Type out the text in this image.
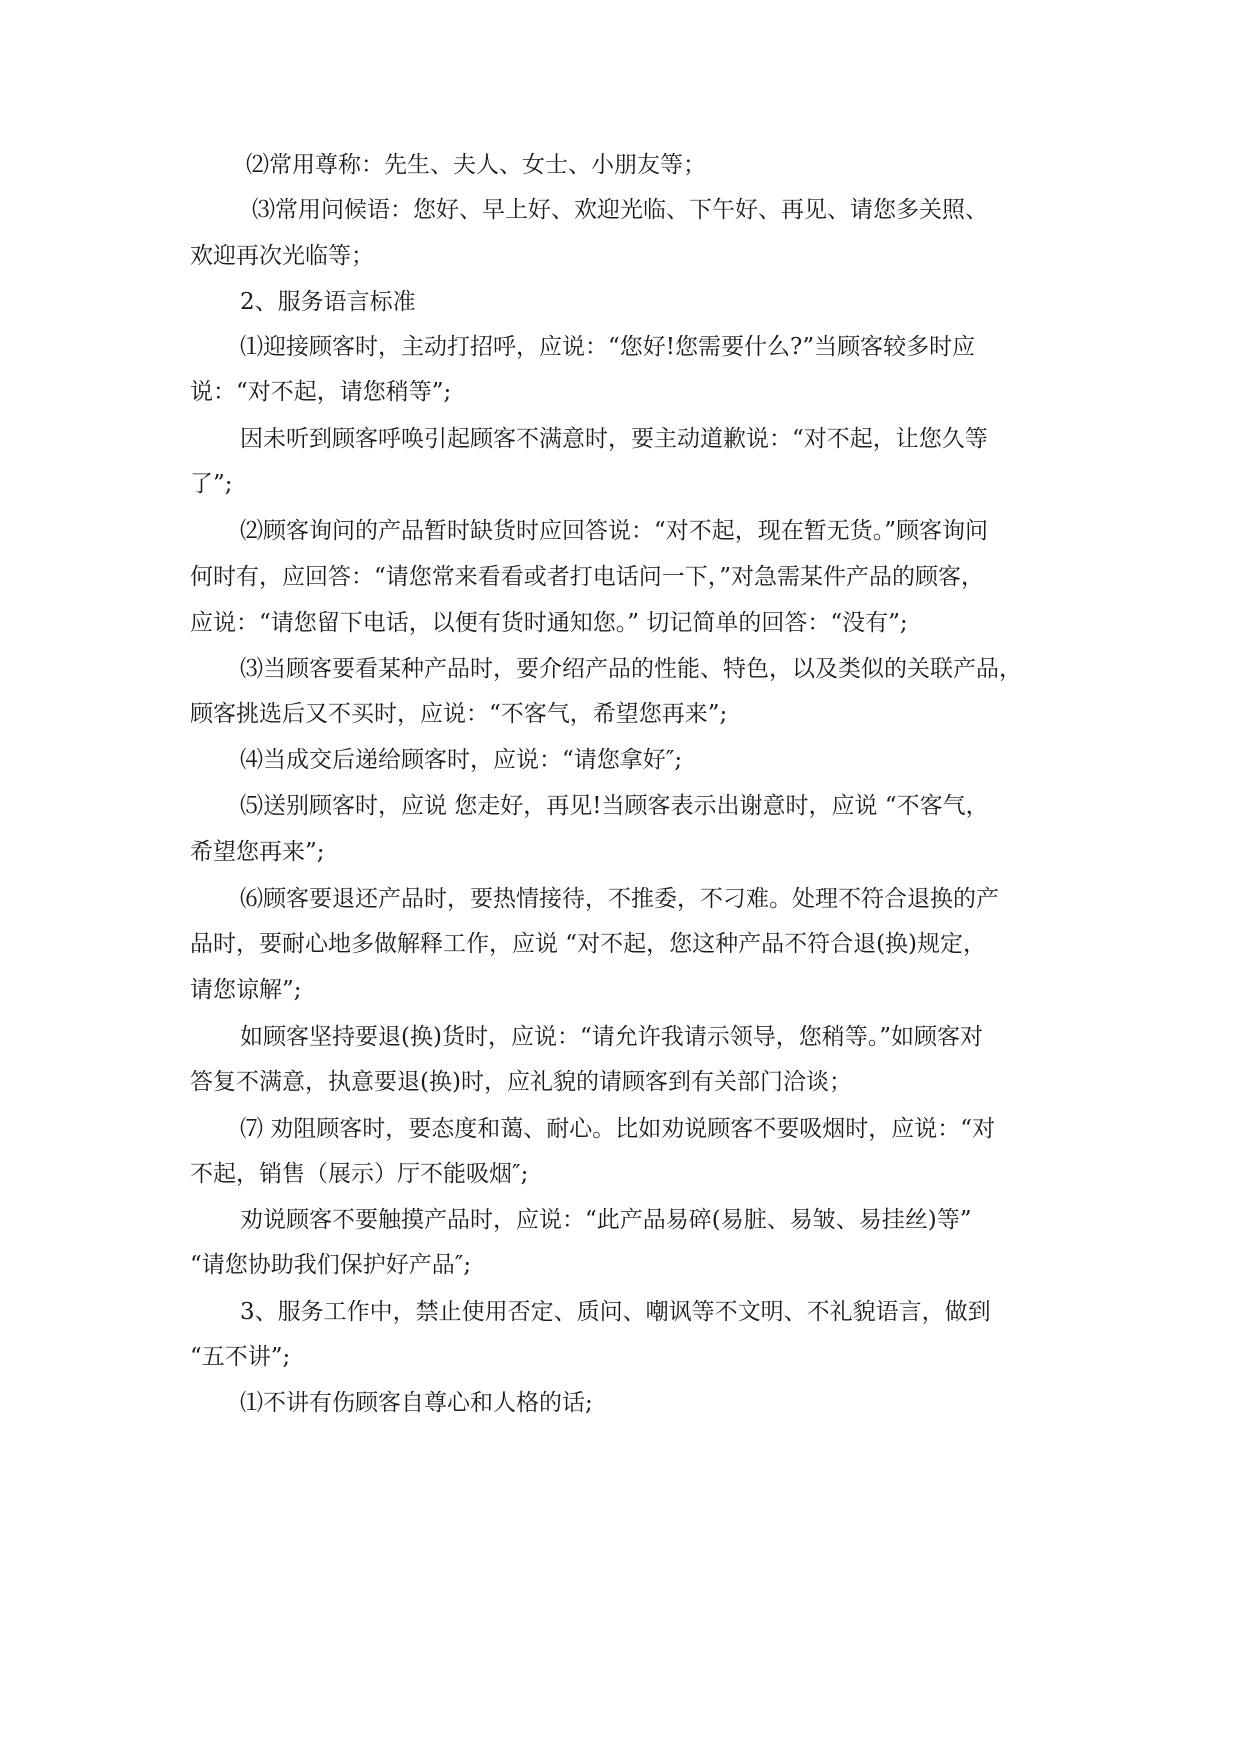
⑵常用尊称：先生、夫人、女士、小朋友等；
⑶常用问候语：您好、早上好、欢迎光临、下午好、再见、请您多关照、
欢迎再次光临等；
2、服务语言标准
⑴迎接顾客时，主动打招呼，应说：“您好!您需要什么?”当顾客较多时应
说：“对不起，请您稍等”;
因未听到顾客呼唤引起顾客不满意时，要主动道歉说：“对不起，让您久等
了”;
⑵顾客询问的产品暂时缺货时应回答说：“对不起，现在暂无货。”顾客询问
何时有，应回答：“请您常来看看或者打电话问一下，”对急需某件产品的顾客，
应说：“请您留下电话，以便有货时通知您。” 切记简单的回答：“没有”;
⑶当顾客要看某种产品时，要介绍产品的性能、特色，以及类似的关联产品，
顾客挑选后又不买时，应说：“不客气，希望您再来”;
⑷当成交后递给顾客时，应说：“请您拿好″;
⑸送别顾客时，应说 您走好，再见!当顾客表示出谢意时，应说 “不客气，
希望您再来”;
⑹顾客要退还产品时，要热情接待，不推委，不刁难。处理不符合退换的产
品时，要耐心地多做解释工作，应说 “对不起，您这种产品不符合退(换)规定，
请您谅解”;
如顾客坚持要退(换)货时，应说：“请允许我请示领导，您稍等。”如顾客对
答复不满意，执意要退(换)时，应礼貌的请顾客到有关部门洽谈；
⑺ 劝阻顾客时，要态度和蔼、耐心。比如劝说顾客不要吸烟时，应说：“对
不起，销售（展示）厅不能吸烟″;
劝说顾客不要触摸产品时，应说：“此产品易碎(易脏、易皱、易挂丝)等”
“请您协助我们保护好产品″;
3、服务工作中，禁止使用否定、质问、嘲讽等不文明、不礼貌语言，做到
“五不讲”;
⑴不讲有伤顾客自尊心和人格的话;
